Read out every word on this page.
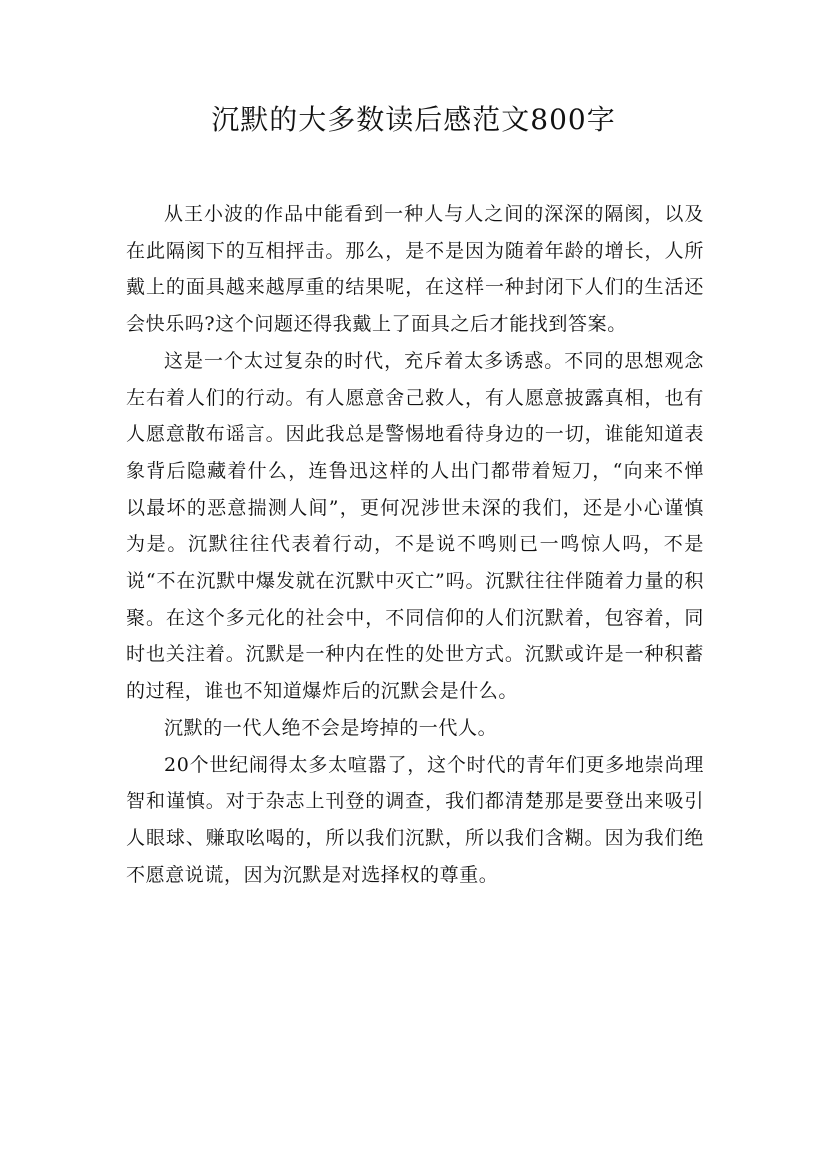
沉默的大多数读后感范文800字

从王小波的作品中能看到一种人与人之间的深深的隔阂，以及在此隔阂下的互相抨击。那么，是不是因为随着年龄的增长，人所戴上的面具越来越厚重的结果呢，在这样一种封闭下人们的生活还会快乐吗?这个问题还得我戴上了面具之后才能找到答案。

这是一个太过复杂的时代，充斥着太多诱惑。不同的思想观念左右着人们的行动。有人愿意舍己救人，有人愿意披露真相，也有人愿意散布谣言。因此我总是警惕地看待身边的一切，谁能知道表象背后隐藏着什么，连鲁迅这样的人出门都带着短刀，“向来不惮以最坏的恶意揣测人间”，更何况涉世未深的我们，还是小心谨慎为是。沉默往往代表着行动，不是说不鸣则已一鸣惊人吗，不是说“不在沉默中爆发就在沉默中灭亡”吗。沉默往往伴随着力量的积聚。在这个多元化的社会中，不同信仰的人们沉默着，包容着，同时也关注着。沉默是一种内在性的处世方式。沉默或许是一种积蓄的过程，谁也不知道爆炸后的沉默会是什么。

沉默的一代人绝不会是垮掉的一代人。

20个世纪闹得太多太喧嚣了，这个时代的青年们更多地崇尚理智和谨慎。对于杂志上刊登的调查，我们都清楚那是要登出来吸引人眼球、赚取吆喝的，所以我们沉默，所以我们含糊。因为我们绝不愿意说谎，因为沉默是对选择权的尊重。
